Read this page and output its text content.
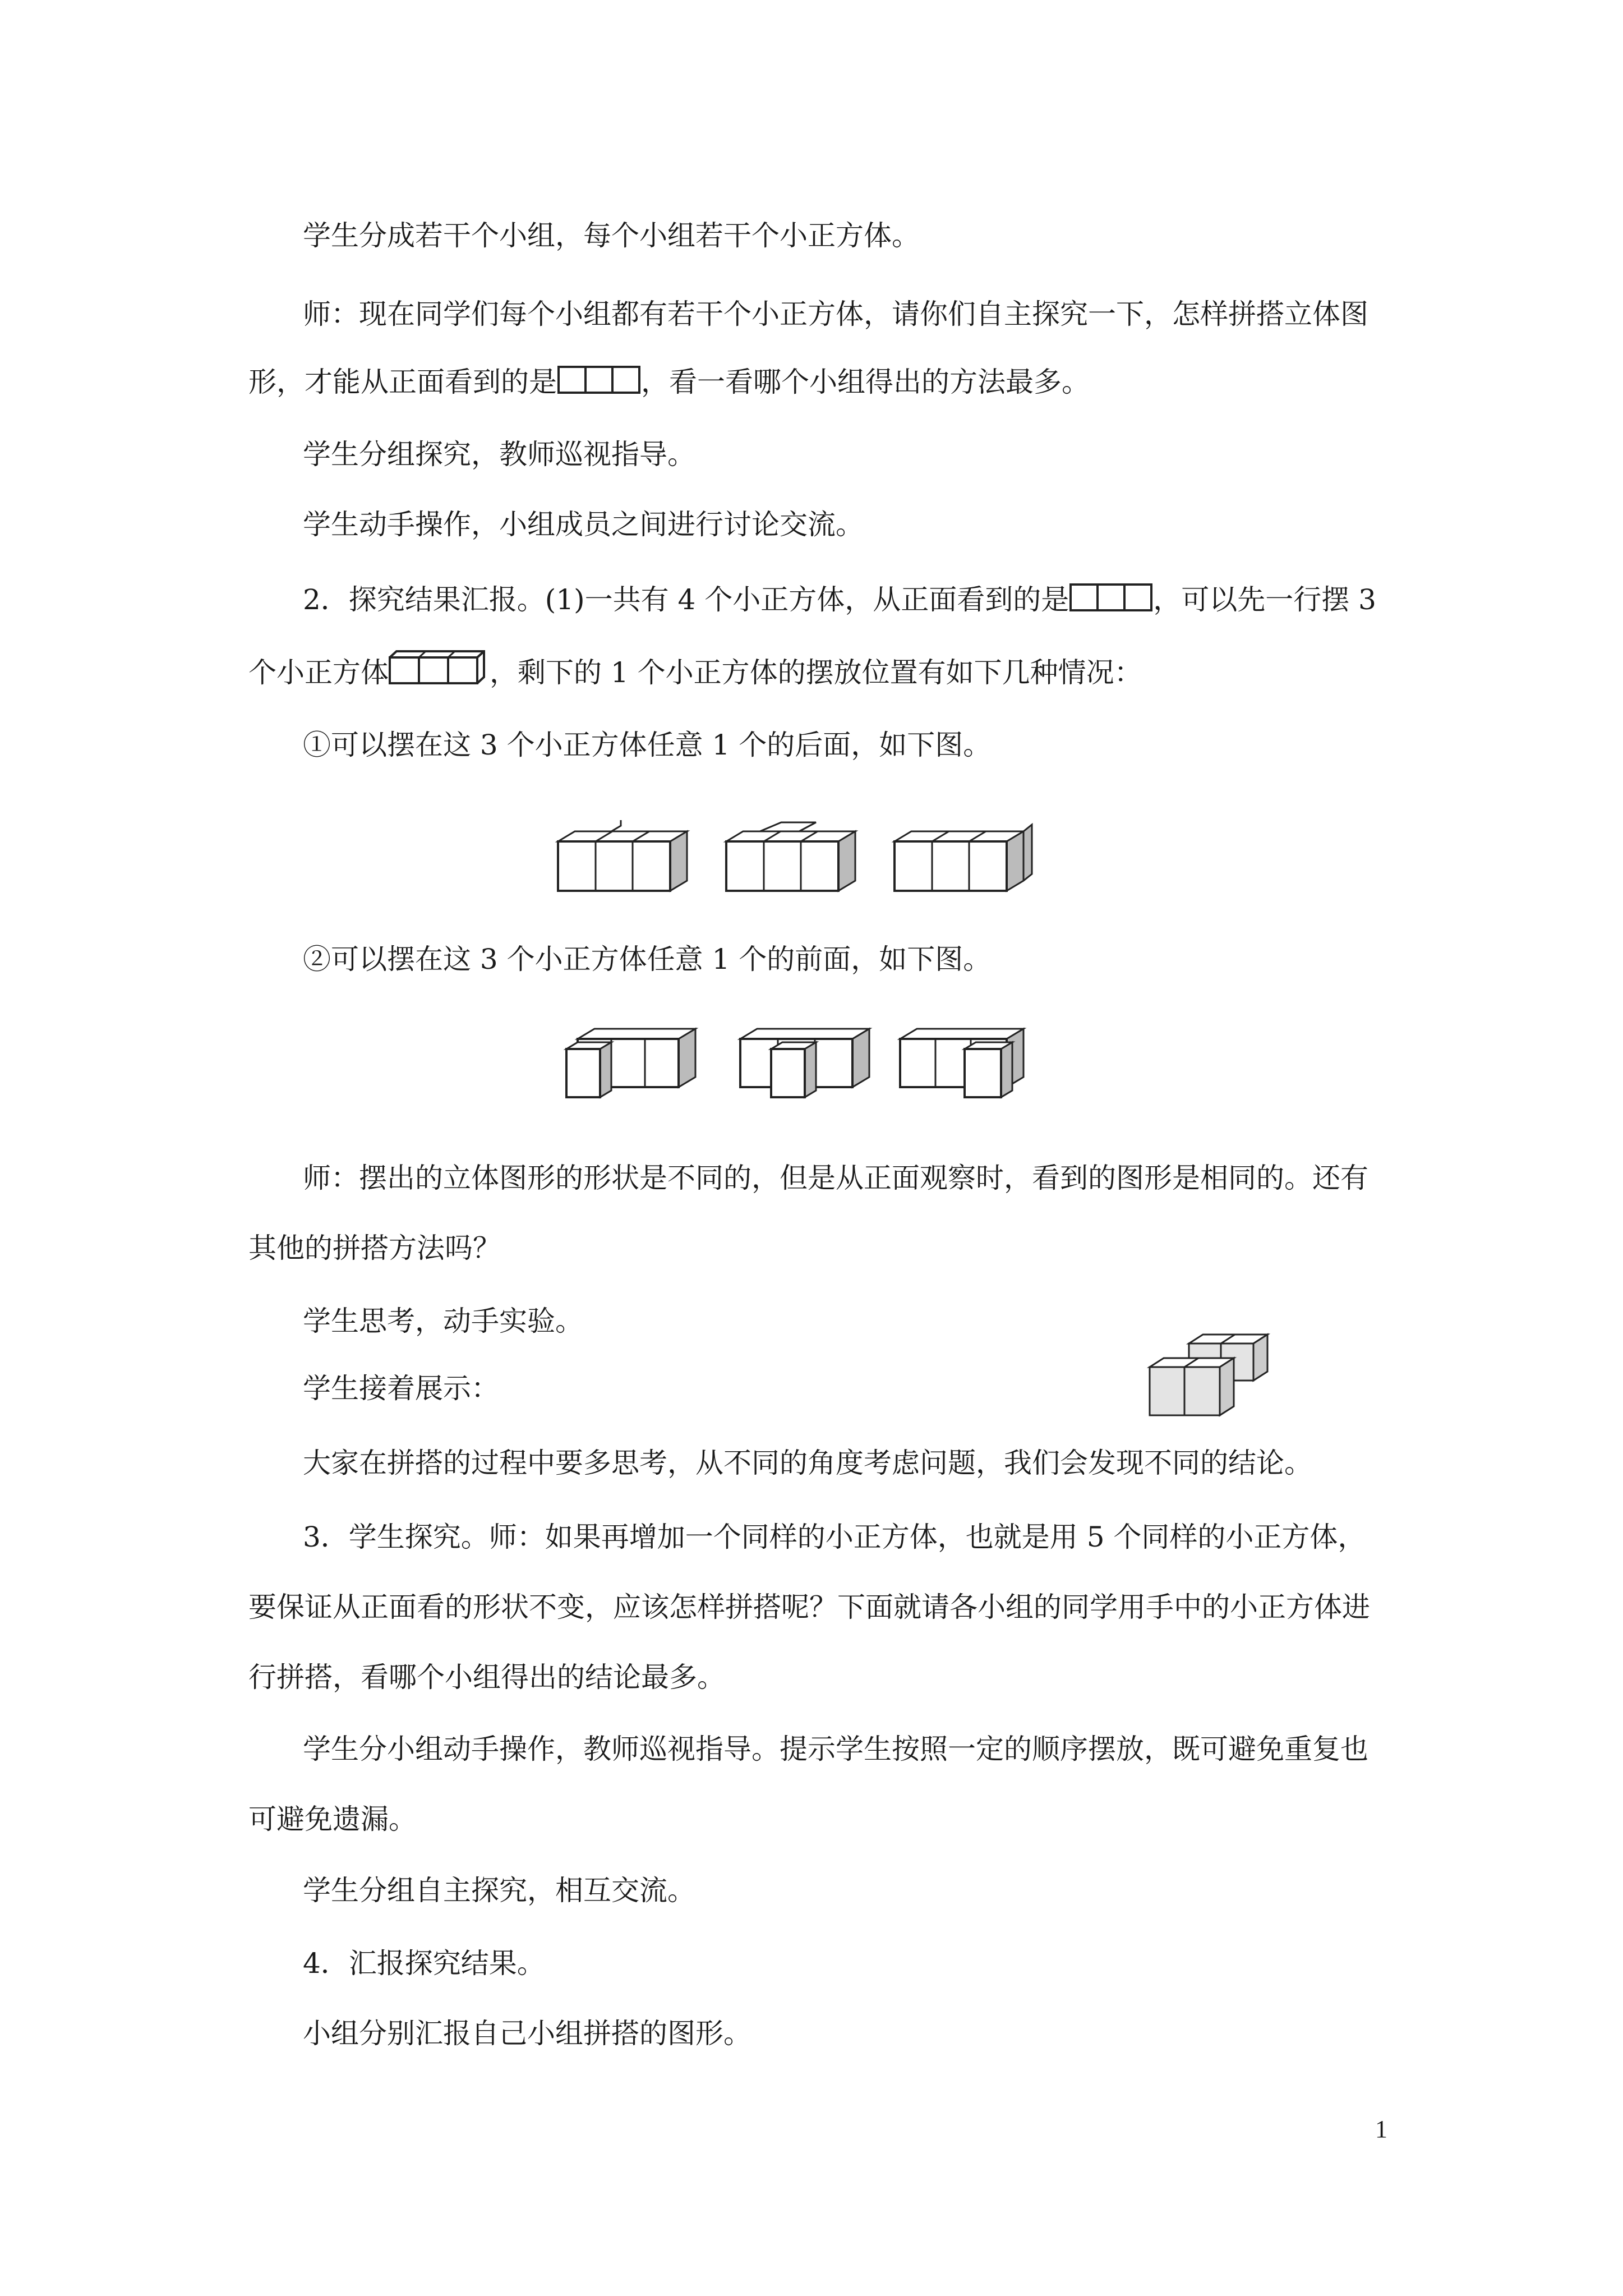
学生分成若干个小组，每个小组若干个小正方体。
师：现在同学们每个小组都有若干个小正方体，请你们自主探究一下，怎样拼搭立体图
形，才能从正面看到的是	，看一看哪个小组得出的方法最多。
学生分组探究，教师巡视指导。
学生动手操作，小组成员之间进行讨论交流。
2．探究结果汇报。(1)一共有 4 个小正方体，从正面看到的是	，可以先一行摆 3
个小正方体	，剩下的 1 个小正方体的摆放位置有如下几种情况：
①可以摆在这 3 个小正方体任意 1 个的后面，如下图。
②可以摆在这 3 个小正方体任意 1 个的前面，如下图。
师：摆出的立体图形的形状是不同的，但是从正面观察时，看到的图形是相同的。还有
其他的拼搭方法吗？
学生思考，动手实验。
学生接着展示：
大家在拼搭的过程中要多思考，从不同的角度考虑问题，我们会发现不同的结论。
3．学生探究。师：如果再增加一个同样的小正方体，也就是用 5 个同样的小正方体，
要保证从正面看的形状不变，应该怎样拼搭呢？下面就请各小组的同学用手中的小正方体进
行拼搭，看哪个小组得出的结论最多。
学生分小组动手操作，教师巡视指导。提示学生按照一定的顺序摆放，既可避免重复也
可避免遗漏。
学生分组自主探究，相互交流。
4．汇报探究结果。
小组分别汇报自己小组拼搭的图形。
1
